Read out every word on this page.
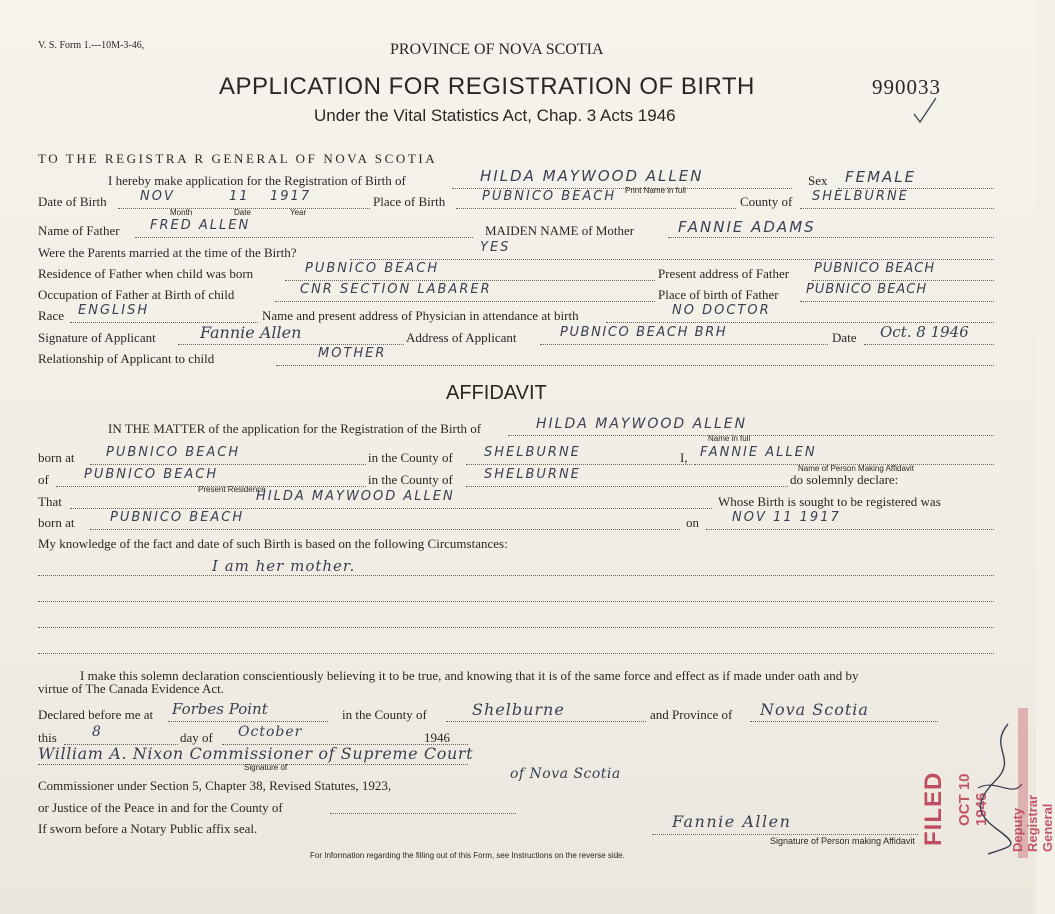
V. S. Form 1.---10M-3-46,	PROVINCE OF NOVA SCOTIA
APPLICATION FOR REGISTRATION OF BIRTH
Under the Vital Statistics Act, Chap. 3 Acts 1946
990033
TO THE REGISTRA R GENERAL OF NOVA SCOTIA
I hereby make application for the Registration of Birth of	HILDA MAYWOOD ALLEN
Print Name in full
Sex FEMALE
Date of Birth	NOV	11 1917
Month	Date	Year
Place of Birth	PUBNICO BEACH	County of SHELBURNE
Name of Father FRED ALLEN	MAIDEN NAME of Mother	FANNIE ADAMS
Were the Parents married at the time of the Birth?	YES
Residence of Father when child was born	PUBNICO BEACH	Present address of Father PUBNICO BEACH
Occupation of Father at Birth of child	CNR SECTION LABARER	Place of birth of Father PUBNICO BEACH
Race ENGLISH	Name and present address of Physician in attendance at birth	NO DOCTOR
Signature of Applicant	Fannie Allen	Address of Applicant	PUBNICO BEACH BRH	Date Oct. 8 1946
Relationship of Applicant to child	MOTHER
AFFIDAVIT
IN THE MATTER of the application for the Registration of the Birth of	HILDA MAYWOOD ALLEN
Name in full
born at PUBNICO BEACH	in the County of SHELBURNE	I, FANNIE ALLEN
Name of Person Making Affidavit
of	PUBNICO BEACH
Present Residence
in the County of SHELBURNE	do solemnly declare:
That	HILDA MAYWOOD ALLEN	Whose Birth is sought to be registered was
born at	PUBNICO BEACH	on	NOV 11 1917
My knowledge of the fact and date of such Birth is based on the following Circumstances:
I am her mother.
I make this solemn declaration conscientiously believing it to be true, and knowing that it is of the same force and effect as if made under oath and by
virtue of The Canada Evidence Act.
Declared before me at Forbes Point	in the County of	Shelburne	and Province of Nova Scotia
this	8	day of October	1946
William A. Nixon Commissioner of Supreme Court
of Nova Scotia
Signature of
Commissioner under Section 5, Chapter 38, Revised Statutes, 1923,
or Justice of the Peace in and for the County of
If sworn before a Notary Public affix seal.	Fannie Allen
Signature of Person making Affidavit
For Information regarding the filling out of this Form, see Instructions on the reverse side.
FILED OCT 10 1946 Deputy Registrar General
